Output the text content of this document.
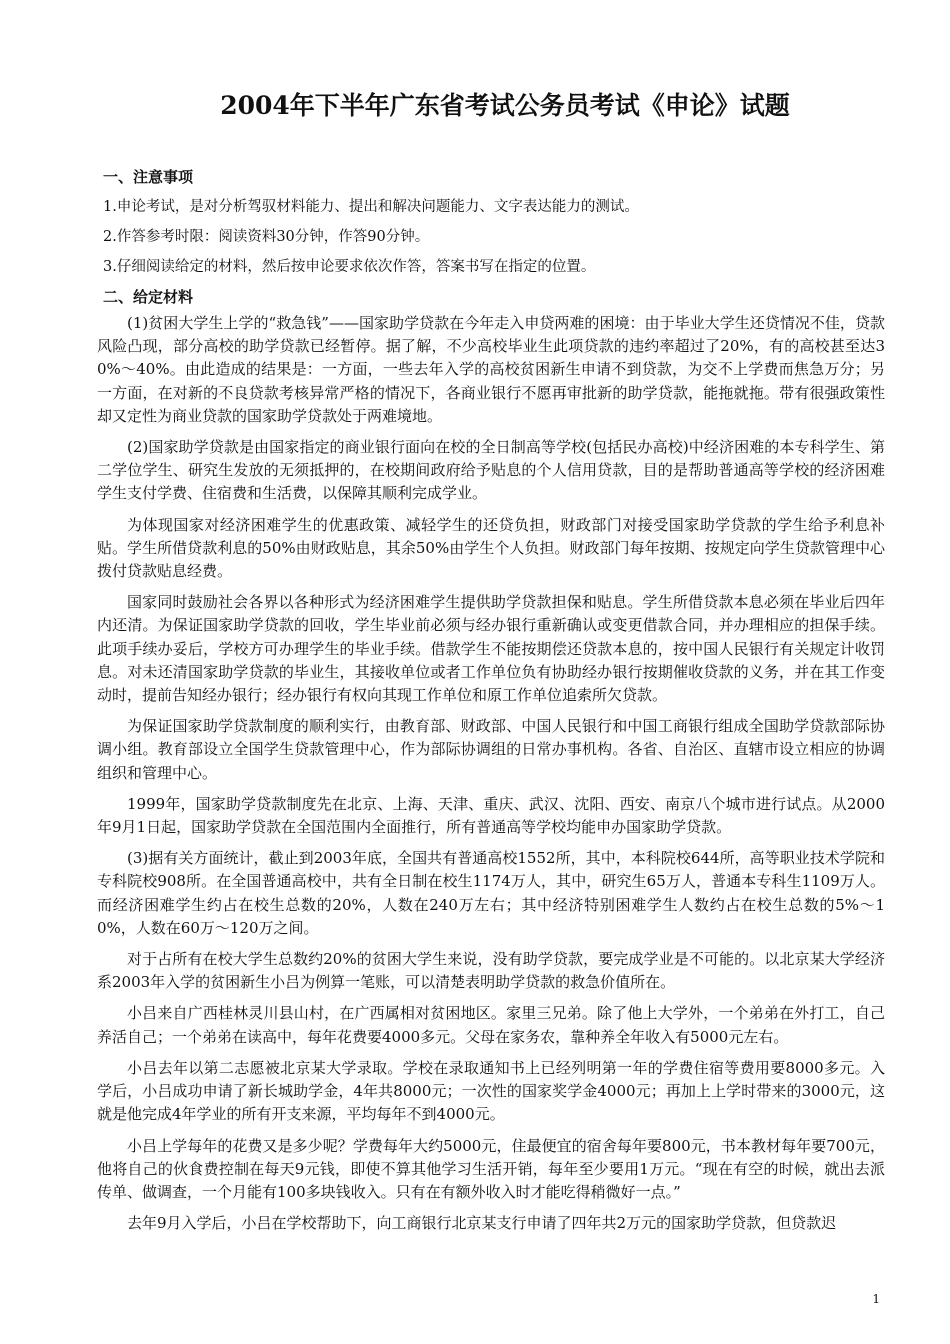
2004年下半年广东省考试公务员考试《申论》试题
一、注意事项
1.申论考试，是对分析驾驭材料能力、提出和解决问题能力、文字表达能力的测试。
2.作答参考时限：阅读资料30分钟，作答90分钟。
3.仔细阅读给定的材料，然后按申论要求依次作答，答案书写在指定的位置。
二、给定材料

(1)贫困大学生上学的“救急钱”——国家助学贷款在今年走入申贷两难的困境：由于毕业大学生还贷情况不佳，贷款风险凸现，部分高校的助学贷款已经暂停。据了解，不少高校毕业生此项贷款的违约率超过了20%，有的高校甚至达30%～40%。由此造成的结果是：一方面，一些去年入学的高校贫困新生申请不到贷款，为交不上学费而焦急万分；另一方面，在对新的不良贷款考核异常严格的情况下，各商业银行不愿再审批新的助学贷款，能拖就拖。带有很强政策性却又定性为商业贷款的国家助学贷款处于两难境地。

(2)国家助学贷款是由国家指定的商业银行面向在校的全日制高等学校(包括民办高校)中经济困难的本专科学生、第二学位学生、研究生发放的无须抵押的，在校期间政府给予贴息的个人信用贷款，目的是帮助普通高等学校的经济困难学生支付学费、住宿费和生活费，以保障其顺利完成学业。

为体现国家对经济困难学生的优惠政策、减轻学生的还贷负担，财政部门对接受国家助学贷款的学生给予利息补贴。学生所借贷款利息的50%由财政贴息，其余50%由学生个人负担。财政部门每年按期、按规定向学生贷款管理中心拨付贷款贴息经费。

国家同时鼓励社会各界以各种形式为经济困难学生提供助学贷款担保和贴息。学生所借贷款本息必须在毕业后四年内还清。为保证国家助学贷款的回收，学生毕业前必须与经办银行重新确认或变更借款合同，并办理相应的担保手续。此项手续办妥后，学校方可办理学生的毕业手续。借款学生不能按期偿还贷款本息的，按中国人民银行有关规定计收罚息。对未还清国家助学贷款的毕业生，其接收单位或者工作单位负有协助经办银行按期催收贷款的义务，并在其工作变动时，提前告知经办银行；经办银行有权向其现工作单位和原工作单位追索所欠贷款。

为保证国家助学贷款制度的顺利实行，由教育部、财政部、中国人民银行和中国工商银行组成全国助学贷款部际协调小组。教育部设立全国学生贷款管理中心，作为部际协调组的日常办事机构。各省、自治区、直辖市设立相应的协调组织和管理中心。

1999年，国家助学贷款制度先在北京、上海、天津、重庆、武汉、沈阳、西安、南京八个城市进行试点。从2000年9月1日起，国家助学贷款在全国范围内全面推行，所有普通高等学校均能申办国家助学贷款。

(3)据有关方面统计，截止到2003年底，全国共有普通高校1552所，其中，本科院校644所，高等职业技术学院和专科院校908所。在全国普通高校中，共有全日制在校生1174万人，其中，研究生65万人，普通本专科生1109万人。而经济困难学生约占在校生总数的20%，人数在240万左右；其中经济特别困难学生人数约占在校生总数的5%～10%，人数在60万～120万之间。

对于占所有在校大学生总数约20%的贫困大学生来说，没有助学贷款，要完成学业是不可能的。以北京某大学经济系2003年入学的贫困新生小吕为例算一笔账，可以清楚表明助学贷款的救急价值所在。

小吕来自广西桂林灵川县山村，在广西属相对贫困地区。家里三兄弟。除了他上大学外，一个弟弟在外打工，自己养活自己；一个弟弟在读高中，每年花费要4000多元。父母在家务农，靠种养全年收入有5000元左右。

小吕去年以第二志愿被北京某大学录取。学校在录取通知书上已经列明第一年的学费住宿等费用要8000多元。入学后，小吕成功申请了新长城助学金，4年共8000元；一次性的国家奖学金4000元；再加上上学时带来的3000元，这就是他完成4年学业的所有开支来源，平均每年不到4000元。

小吕上学每年的花费又是多少呢？学费每年大约5000元，住最便宜的宿舍每年要800元，书本教材每年要700元，他将自己的伙食费控制在每天9元钱，即使不算其他学习生活开销，每年至少要用1万元。“现在有空的时候，就出去派传单、做调查，一个月能有100多块钱收入。只有在有额外收入时才能吃得稍微好一点。”

去年9月入学后，小吕在学校帮助下，向工商银行北京某支行申请了四年共2万元的国家助学贷款，但贷款迟

1
